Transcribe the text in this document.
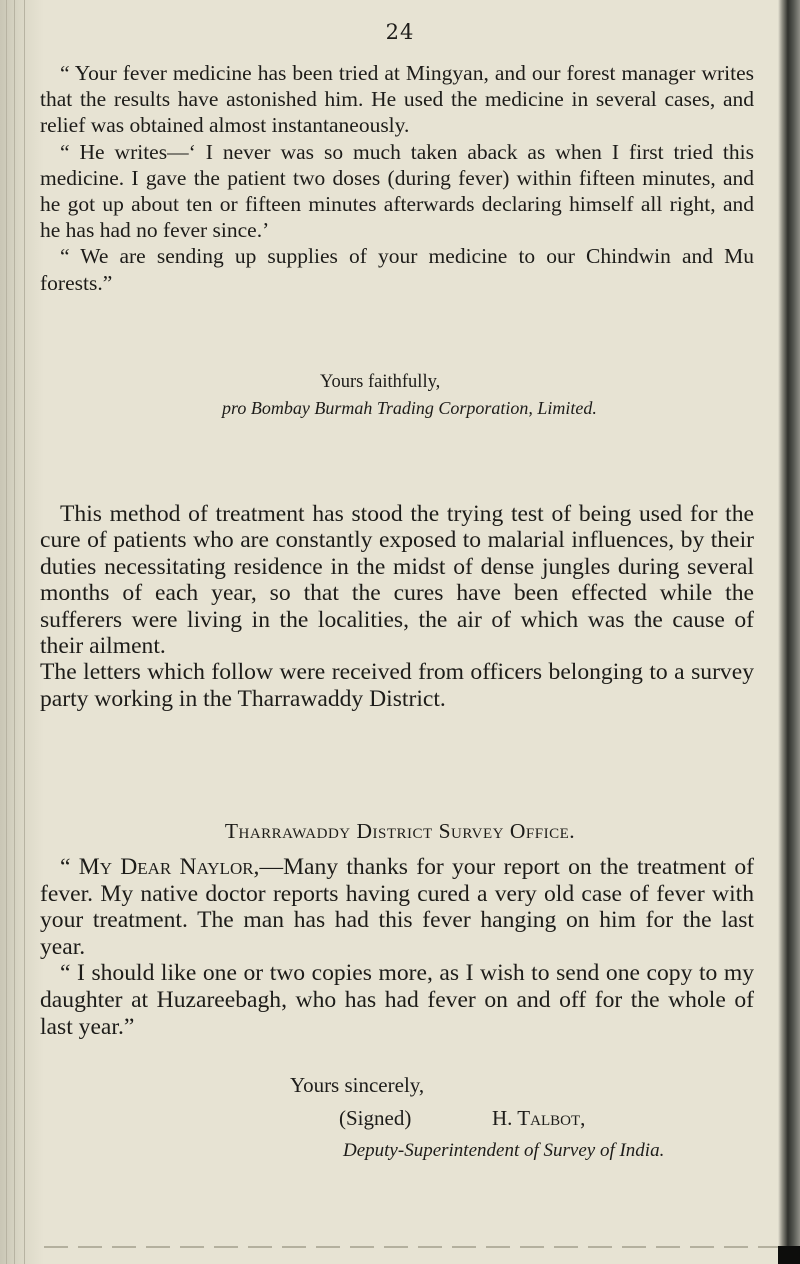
24

“ Your fever medicine has been tried at Mingyan, and our forest manager writes that the results have astonished him. He used the medicine in several cases, and relief was obtained almost instantaneously.

“ He writes—‘ I never was so much taken aback as when I first tried this medicine. I gave the patient two doses (during fever) within fifteen minutes, and he got up about ten or fifteen minutes afterwards declaring himself all right, and he has had no fever since.’

“ We are sending up supplies of your medicine to our Chindwin and Mu forests.”

Yours faithfully,
pro Bombay Burmah Trading Corporation, Limited.

This method of treatment has stood the trying test of being used for the cure of patients who are constantly exposed to malarial influences, by their duties necessitating residence in the midst of dense jungles during several months of each year, so that the cures have been effected while the sufferers were living in the localities, the air of which was the cause of their ailment.

The letters which follow were received from officers belonging to a survey party working in the Tharrawaddy District.

Tharrawaddy District Survey Office.

“ My Dear Naylor,—Many thanks for your report on the treatment of fever. My native doctor reports having cured a very old case of fever with your treatment. The man has had this fever hanging on him for the last year.

“ I should like one or two copies more, as I wish to send one copy to my daughter at Huzareebagh, who has had fever on and off for the whole of last year.”

Yours sincerely,
(Signed)	H. Talbot,
Deputy-Superintendent of Survey of India.
